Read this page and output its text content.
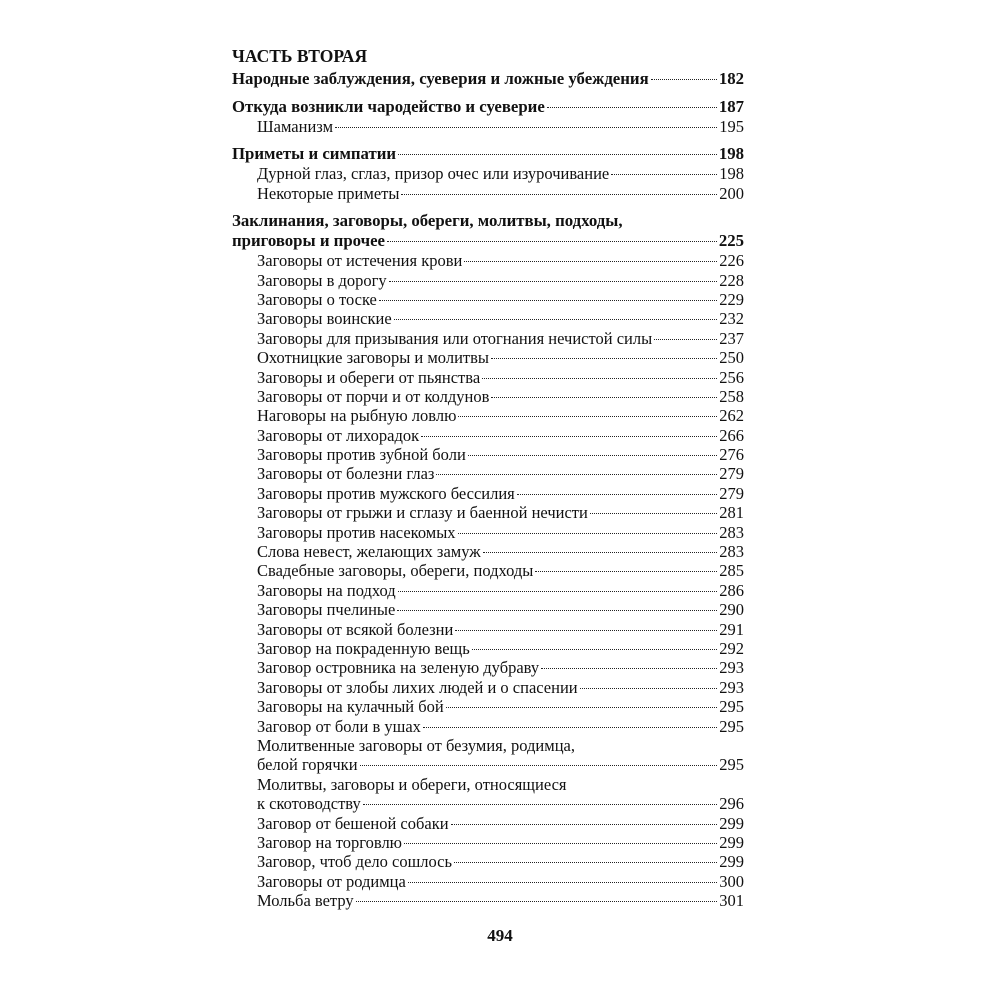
ЧАСТЬ ВТОРАЯ
Народные заблуждения, суеверия и ложные убеждения	182
Откуда возникли чародейство и суеверие	187
Шаманизм	195
Приметы и симпатии	198
Дурной глаз, сглаз, призор очес или изурочивание	198
Некоторые приметы	200
Заклинания, заговоры, обереги, молитвы, подходы,
приговоры и прочее	225
Заговоры от истечения крови	226
Заговоры в дорогу	228
Заговоры о тоске	229
Заговоры воинские	232
Заговоры для призывания или отогнания нечистой силы	237
Охотницкие заговоры и молитвы	250
Заговоры и обереги от пьянства	256
Заговоры от порчи и от колдунов	258
Наговоры на рыбную ловлю	262
Заговоры от лихорадок	266
Заговоры против зубной боли	276
Заговоры от болезни глаз	279
Заговоры против мужского бессилия	279
Заговоры от грыжи и сглазу и баенной нечисти	281
Заговоры против насекомых	283
Слова невест, желающих замуж	283
Свадебные заговоры, обереги, подходы	285
Заговоры на подход	286
Заговоры пчелиные	290
Заговоры от всякой болезни	291
Заговор на покраденную вещь	292
Заговор островника на зеленую дубраву	293
Заговоры от злобы лихих людей и о спасении	293
Заговоры на кулачный бой	295
Заговор от боли в ушах	295
Молитвенные заговоры от безумия, родимца,
белой горячки	295
Молитвы, заговоры и обереги, относящиеся
к скотоводству	296
Заговор от бешеной собаки	299
Заговор на торговлю	299
Заговор, чтоб дело сошлось	299
Заговоры от родимца	300
Мольба ветру	301
494
